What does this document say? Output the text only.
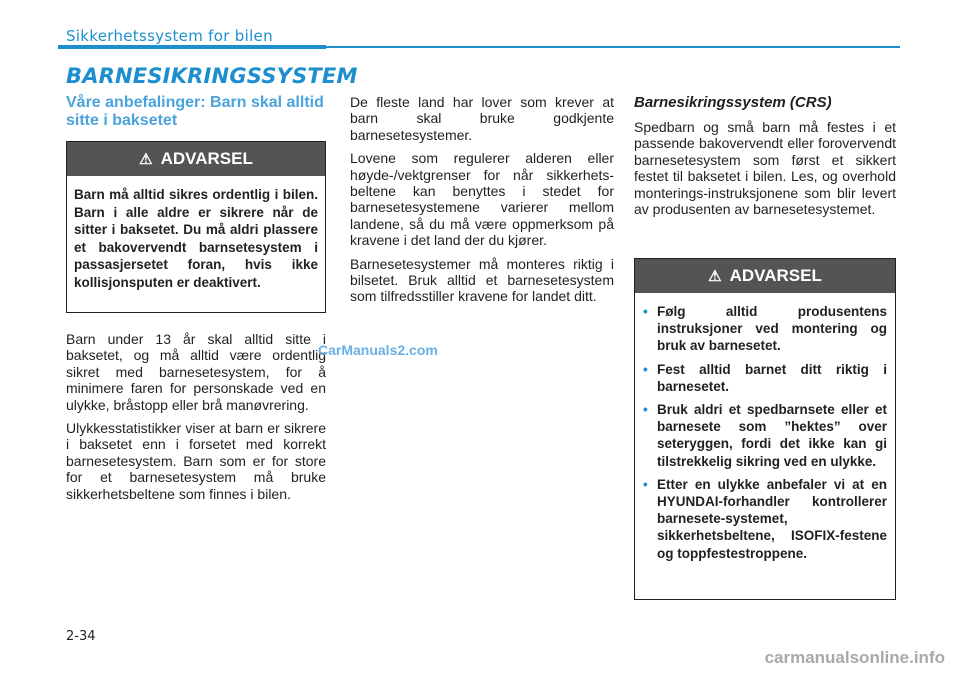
Sikkerhetssystem for bilen
BARNESIKRINGSSYSTEM
Våre anbefalinger: Barn skal alltid sitte i baksetet
⚠ ADVARSEL
Barn må alltid sikres ordentlig i bilen. Barn i alle aldre er sikrere når de sitter i baksetet. Du må aldri plassere et bakovervendt barnsetesystem i passasjersetet foran, hvis ikke kollisjonsputen er deaktivert.

Barn under 13 år skal alltid sitte i baksetet, og må alltid være ordentlig sikret med barnesetesystem, for å minimere faren for personskade ved en ulykke, bråstopp eller brå manøvrering.

Ulykkesstatistikker viser at barn er sikrere i baksetet enn i forsetet med korrekt barnesetesystem. Barn som er for store for et barnesetesystem må bruke sikkerhetsbeltene som finnes i bilen.

De fleste land har lover som krever at barn skal bruke godkjente barnesetesystemer.

Lovene som regulerer alderen eller høyde-/vektgrenser for når sikkerhets-beltene kan benyttes i stedet for barnesetesystemene varierer mellom landene, så du må være oppmerksom på kravene i det land der du kjører.

Barnesetesystemer må monteres riktig i bilsetet. Bruk alltid et barnesetesystem som tilfredsstiller kravene for landet ditt.

Barnesikringssystem (CRS)

Spedbarn og små barn må festes i et passende bakovervendt eller forovervendt barnesetesystem som først et sikkert festet til baksetet i bilen. Les, og overhold monterings-instruksjonene som blir levert av produsenten av barnesetesystemet.

⚠ ADVARSEL
• Følg alltid produsentens instruksjoner ved montering og bruk av barnesetet.
• Fest alltid barnet ditt riktig i barnesetet.
• Bruk aldri et spedbarnsete eller et barnesete som ”hektes” over seteryggen, fordi det ikke kan gi tilstrekkelig sikring ved en ulykke.
• Etter en ulykke anbefaler vi at en HYUNDAI-forhandler kontrollerer barnesete-systemet, sikkerhetsbeltene, ISOFIX-festene og toppfestestroppene.
CarManuals2.com
2-34
carmanualsonline.info
